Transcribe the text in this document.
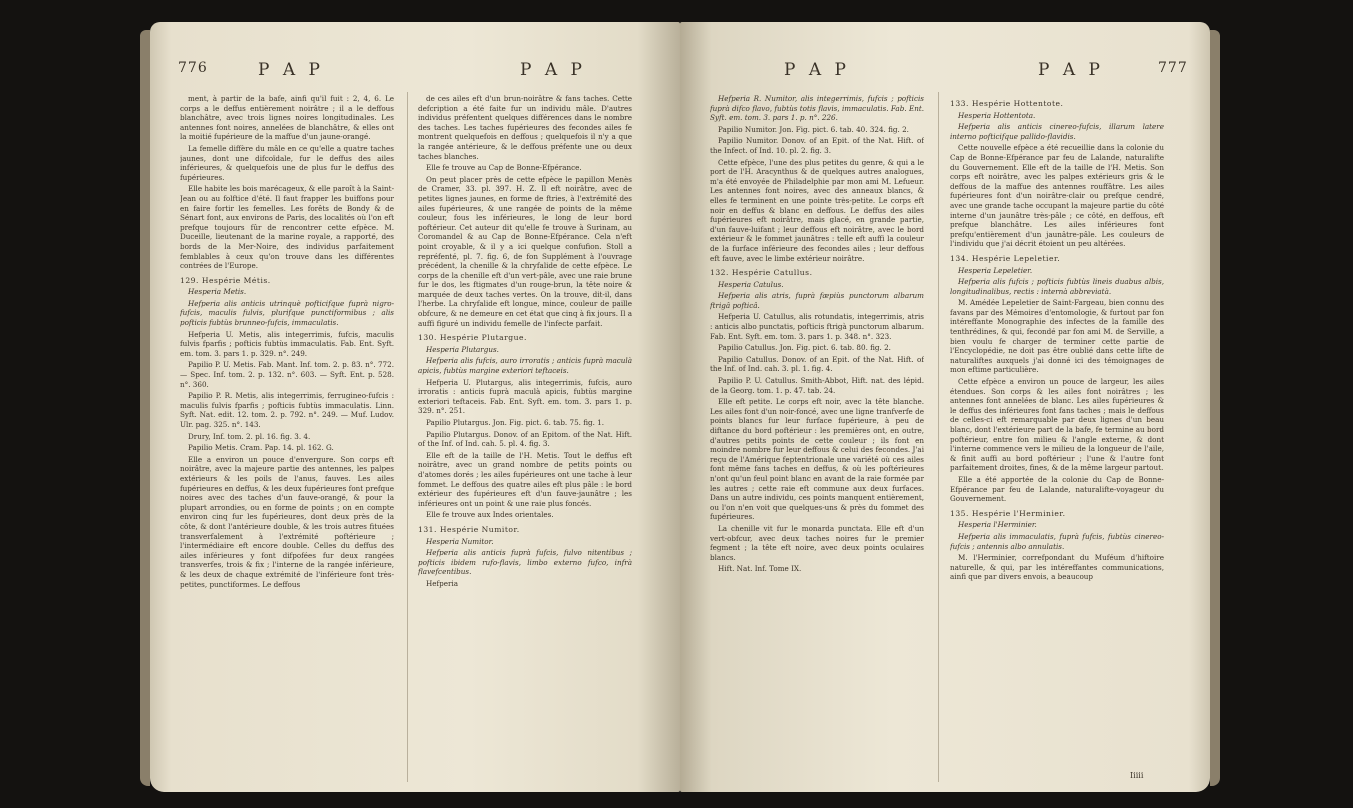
776	P A P	P A P

ment, à partir de la bafe, ainfi qu'il fuit : 2, 4, 6. Le corps a le deffus entièrement noirâtre ; il a le deffous blanchâtre, avec trois lignes noires longitudinales. Les antennes font noires, annelées de blanchâtre, & elles ont la moitié fupérieure de la maffue d'un jaune-orangé.

La femelle diffère du mâle en ce qu'elle a quatre taches jaunes, dont une difcoïdale, fur le deffus des ailes inférieures, & quelquefois une de plus fur le deffus des fupérieures.

Elle habite les bois marécageux, & elle paroît à la Saint-Jean ou au folftice d'été. Il faut frapper les buiffons pour en faire fortir les femelles. Les forêts de Bondy & de Sénart font, aux environs de Paris, des localités où l'on eft prefque toujours fûr de rencontrer cette efpèce. M. Duceille, lieutenant de la marine royale, a rapporté, des bords de la Mer-Noire, des individus parfaitement femblables à ceux qu'on trouve dans les différentes contrées de l'Europe.

129. Hespérie Métis.

Hesperia Metis.

Hefperia alis anticis utrinquè pofticifque fuprà nigro-fufcis, maculis fulvis, plurifque punctiformibus ; alis pofticis fubtùs brunneo-fufcis, immaculatis.

Hefperia U. Metis, alis integerrimis, fufcis, maculis fulvis fparfis ; pofticis fubtùs immaculatis. Fab. Ent. Syft. em. tom. 3. pars 1. p. 329. n°. 249.

Papilio P. U. Metis. Fab. Mant. Inf. tom. 2. p. 83. n°. 772. — Spec. Inf. tom. 2. p. 132. n°. 603. — Syft. Ent. p. 528. n°. 360.

Papilio P. R. Metis, alis integerrimis, ferrugineo-fufcis : maculis fulvis fparfis ; pofticis fubtùs immaculatis. Linn. Syft. Nat. edit. 12. tom. 2. p. 792. n°. 249. — Muf. Ludov. Ulr. pag. 325. n°. 143.

Drury, Inf. tom. 2. pl. 16. fig. 3. 4.

Papilio Metis. Cram. Pap. 14. pl. 162. G.

Elle a environ un pouce d'envergure. Son corps eft noirâtre, avec la majeure partie des antennes, les palpes extérieurs & les poils de l'anus, fauves. Les ailes fupérieures en deffus, & les deux fupérieures font prefque noires avec des taches d'un fauve-orangé, & pour la plupart arrondies, ou en forme de points ; on en compte environ cinq fur les fupérieures, dont deux près de la côte, & dont l'antérieure double, & les trois autres fituées transverfalement à l'extrémité poftérieure ; l'intermédiaire eft encore double. Celles du deffus des ailes inférieures y font difpofées fur deux rangées transverfes, trois & fix ; l'interne de la rangée inférieure, & les deux de chaque extrémité de l'inférieure font très-petites, punctiformes. Le deffous

de ces ailes eft d'un brun-noirâtre & fans taches. Cette defcription a été faite fur un individu mâle. D'autres individus préfentent quelques différences dans le nombre des taches. Les taches fupérieures des fecondes ailes fe montrent quelquefois en deffous ; quelquefois il n'y a que la rangée antérieure, & le deffous préfente une ou deux taches blanches.

Elle fe trouve au Cap de Bonne-Efpérance.

On peut placer près de cette efpèce le papillon Menès de Cramer, 33. pl. 397. H. Z. Il eft noirâtre, avec de petites lignes jaunes, en forme de ftries, à l'extrémité des ailes fupérieures, & une rangée de points de la même couleur, fous les inférieures, le long de leur bord poftérieur. Cet auteur dit qu'elle fe trouve à Surinam, au Coromandel & au Cap de Bonne-Efpérance. Cela n'eft point croyable, & il y a ici quelque confufion. Stoll a repréfenté, pl. 7. fig. 6, de fon Supplément à l'ouvrage précédent, la chenille & la chryfalide de cette efpèce. Le corps de la chenille eft d'un vert-pâle, avec une raie brune fur le dos, les ftigmates d'un rouge-brun, la tête noire & marquée de deux taches vertes. On la trouve, dit-il, dans l'herbe. La chryfalide eft longue, mince, couleur de paille obfcure, & ne demeure en cet état que cinq à fix jours. Il a auffi figuré un individu femelle de l'infecte parfait.

130. Hespérie Plutargue.

Hesperia Plutargus.

Hefperia alis fufcis, auro irroratis ; anticis fuprà maculà apicis, fubtùs margine exteriori teftaceis.

Hefperia U. Plutargus, alis integerrimis, fufcis, auro irroratis : anticis fuprà maculà apicis, fubtùs margine exteriori teftaceis. Fab. Ent. Syft. em. tom. 3. pars 1. p. 329. n°. 251.

Papilio Plutargus. Jon. Fig. pict. 6. tab. 75. fig. 1.

Papilio Plutargus. Donov. of an Epitom. of the Nat. Hift. of the Inf. of Ind. cah. 5. pl. 4. fig. 3.

Elle eft de la taille de l'H. Metis. Tout le deffus eft noirâtre, avec un grand nombre de petits points ou d'atomes dorés ; les ailes fupérieures ont une tache à leur fommet. Le deffous des quatre ailes eft plus pâle : le bord extérieur des fupérieures eft d'un fauve-jaunâtre ; les inférieures ont un point & une raie plus foncés.

Elle fe trouve aux Indes orientales.

131. Hespérie Numitor.

Hesperia Numitor.

Hefperia alis anticis fuprà fufcis, fulvo nitentibus ; pofticis ibidem rufo-flavis, limbo externo fufco, infrà flavefcentibus.

Hefperia

P A P	P A P	777

Hefperia R. Numitor, alis integerrimis, fufcis ; pofticis fuprà difco flavo, fubtùs totis flavis, immaculatis. Fab. Ent. Syft. em. tom. 3. pars 1. p. n°. 226.

Papilio Numitor. Jon. Fig. pict. 6. tab. 40. 324. fig. 2.

Papilio Numitor. Donov. of an Epit. of the Nat. Hift. of the Infect. of Ind. 10. pl. 2. fig. 3.

Cette efpèce, l'une des plus petites du genre, & qui a le port de l'H. Aracynthus & de quelques autres analogues, m'a été envoyée de Philadelphie par mon ami M. Lefueur. Les antennes font noires, avec des anneaux blancs, & elles fe terminent en une pointe très-petite. Le corps eft noir en deffus & blanc en deffous. Le deffus des ailes fupérieures eft noirâtre, mais glacé, en grande partie, d'un fauve-luifant ; leur deffous eft noirâtre, avec le bord extérieur & le fommet jaunâtres : telle eft auffi la couleur de la furface inférieure des fecondes ailes ; leur deffous eft fauve, avec le limbe extérieur noirâtre.

132. Hespérie Catullus.

Hesperia Catulus.

Hefperia alis atris, fuprà fæpiùs punctorum albarum ftrigâ pofticâ.

Hefperia U. Catullus, alis rotundatis, integerrimis, atris : anticis albo punctatis, pofticis ftrigà punctorum albarum. Fab. Ent. Syft. em. tom. 3. pars 1. p. 348. n°. 323.

Papilio Catullus. Jon. Fig. pict. 6. tab. 80. fig. 2.

Papilio Catullus. Donov. of an Epit. of the Nat. Hift. of the Inf. of Ind. cah. 3. pl. 1. fig. 4.

Papilio P. U. Catullus. Smith-Abbot, Hift. nat. des lépid. de la Georg. tom. 1. p. 47. tab. 24.

Elle eft petite. Le corps eft noir, avec la tête blanche. Les ailes font d'un noir-foncé, avec une ligne tranfverfe de points blancs fur leur furface fupérieure, à peu de diftance du bord poftérieur : les premières ont, en outre, d'autres petits points de cette couleur ; ils font en moindre nombre fur leur deffous & celui des fecondes. J'ai reçu de l'Amérique feptentrionale une variété où ces ailes font même fans taches en deffus, & où les poftérieures n'ont qu'un feul point blanc en avant de la raie formée par les autres ; cette raie eft commune aux deux furfaces. Dans un autre individu, ces points manquent entièrement, ou l'on n'en voit que quelques-uns & près du fommet des fupérieures.

La chenille vit fur le monarda punctata. Elle eft d'un vert-obfcur, avec deux taches noires fur le premier fegment ; la tête eft noire, avec deux points oculaires blancs.

Hift. Nat. Inf. Tome IX.

133. Hespérie Hottentote.

Hesperia Hottentota.

Hefperia alis anticis cinereo-fufcis, illarum latere interno pofticifque pallido-flavidis.

Cette nouvelle efpèce a été recueillie dans la colonie du Cap de Bonne-Efpérance par feu de Lalande, naturalifte du Gouvernement. Elle eft de la taille de l'H. Metis. Son corps eft noirâtre, avec les palpes extérieurs gris & le deffous de la maffue des antennes rouffâtre. Les ailes fupérieures font d'un noirâtre-clair ou prefque cendré, avec une grande tache occupant la majeure partie du côté interne d'un jaunâtre très-pâle ; ce côté, en deffous, eft prefque blanchâtre. Les ailes inférieures font prefqu'entièrement d'un jaunâtre-pâle. Les couleurs de l'individu que j'ai décrit étoient un peu altérées.

134. Hespérie Lepeletier.

Hesperia Lepeletier.

Hefperia alis fufcis ; pofticis fubtùs lineis duabus albis, longitudinalibus, rectis : internà abbreviatà.

M. Amédée Lepeletier de Saint-Fargeau, bien connu des favans par des Mémoires d'entomologie, & furtout par fon intéreffante Monographie des infectes de la famille des tenthrédines, & qui, fecondé par fon ami M. de Serville, a bien voulu fe charger de terminer cette partie de l'Encyclopédie, ne doit pas être oublié dans cette lifte de naturaliftes auxquels j'ai donné ici des témoignages de mon eftime particulière.

Cette efpèce a environ un pouce de largeur, les ailes étendues. Son corps & les ailes font noirâtres ; les antennes font annelées de blanc. Les ailes fupérieures & le deffus des inférieures font fans taches ; mais le deffous de celles-ci eft remarquable par deux lignes d'un beau blanc, dont l'extérieure part de la bafe, fe termine au bord poftérieur, entre fon milieu & l'angle externe, & dont l'interne commence vers le milieu de la longueur de l'aile, & finit auffi au bord poftérieur ; l'une & l'autre font parfaitement droites, fines, & de la même largeur partout.

Elle a été apportée de la colonie du Cap de Bonne-Efpérance par feu de Lalande, naturalifte-voyageur du Gouvernement.

135. Hespérie l'Herminier.

Hesperia l'Herminier.

Hefperia alis immaculatis, fuprà fufcis, fubtùs cinereo-fufcis ; antennis albo annulatis.

M. l'Herminier, correfpondant du Muféum d'hiftoire naturelle, & qui, par les intéreffantes communications, ainfi que par divers envois, a beaucoup

Iiiii
